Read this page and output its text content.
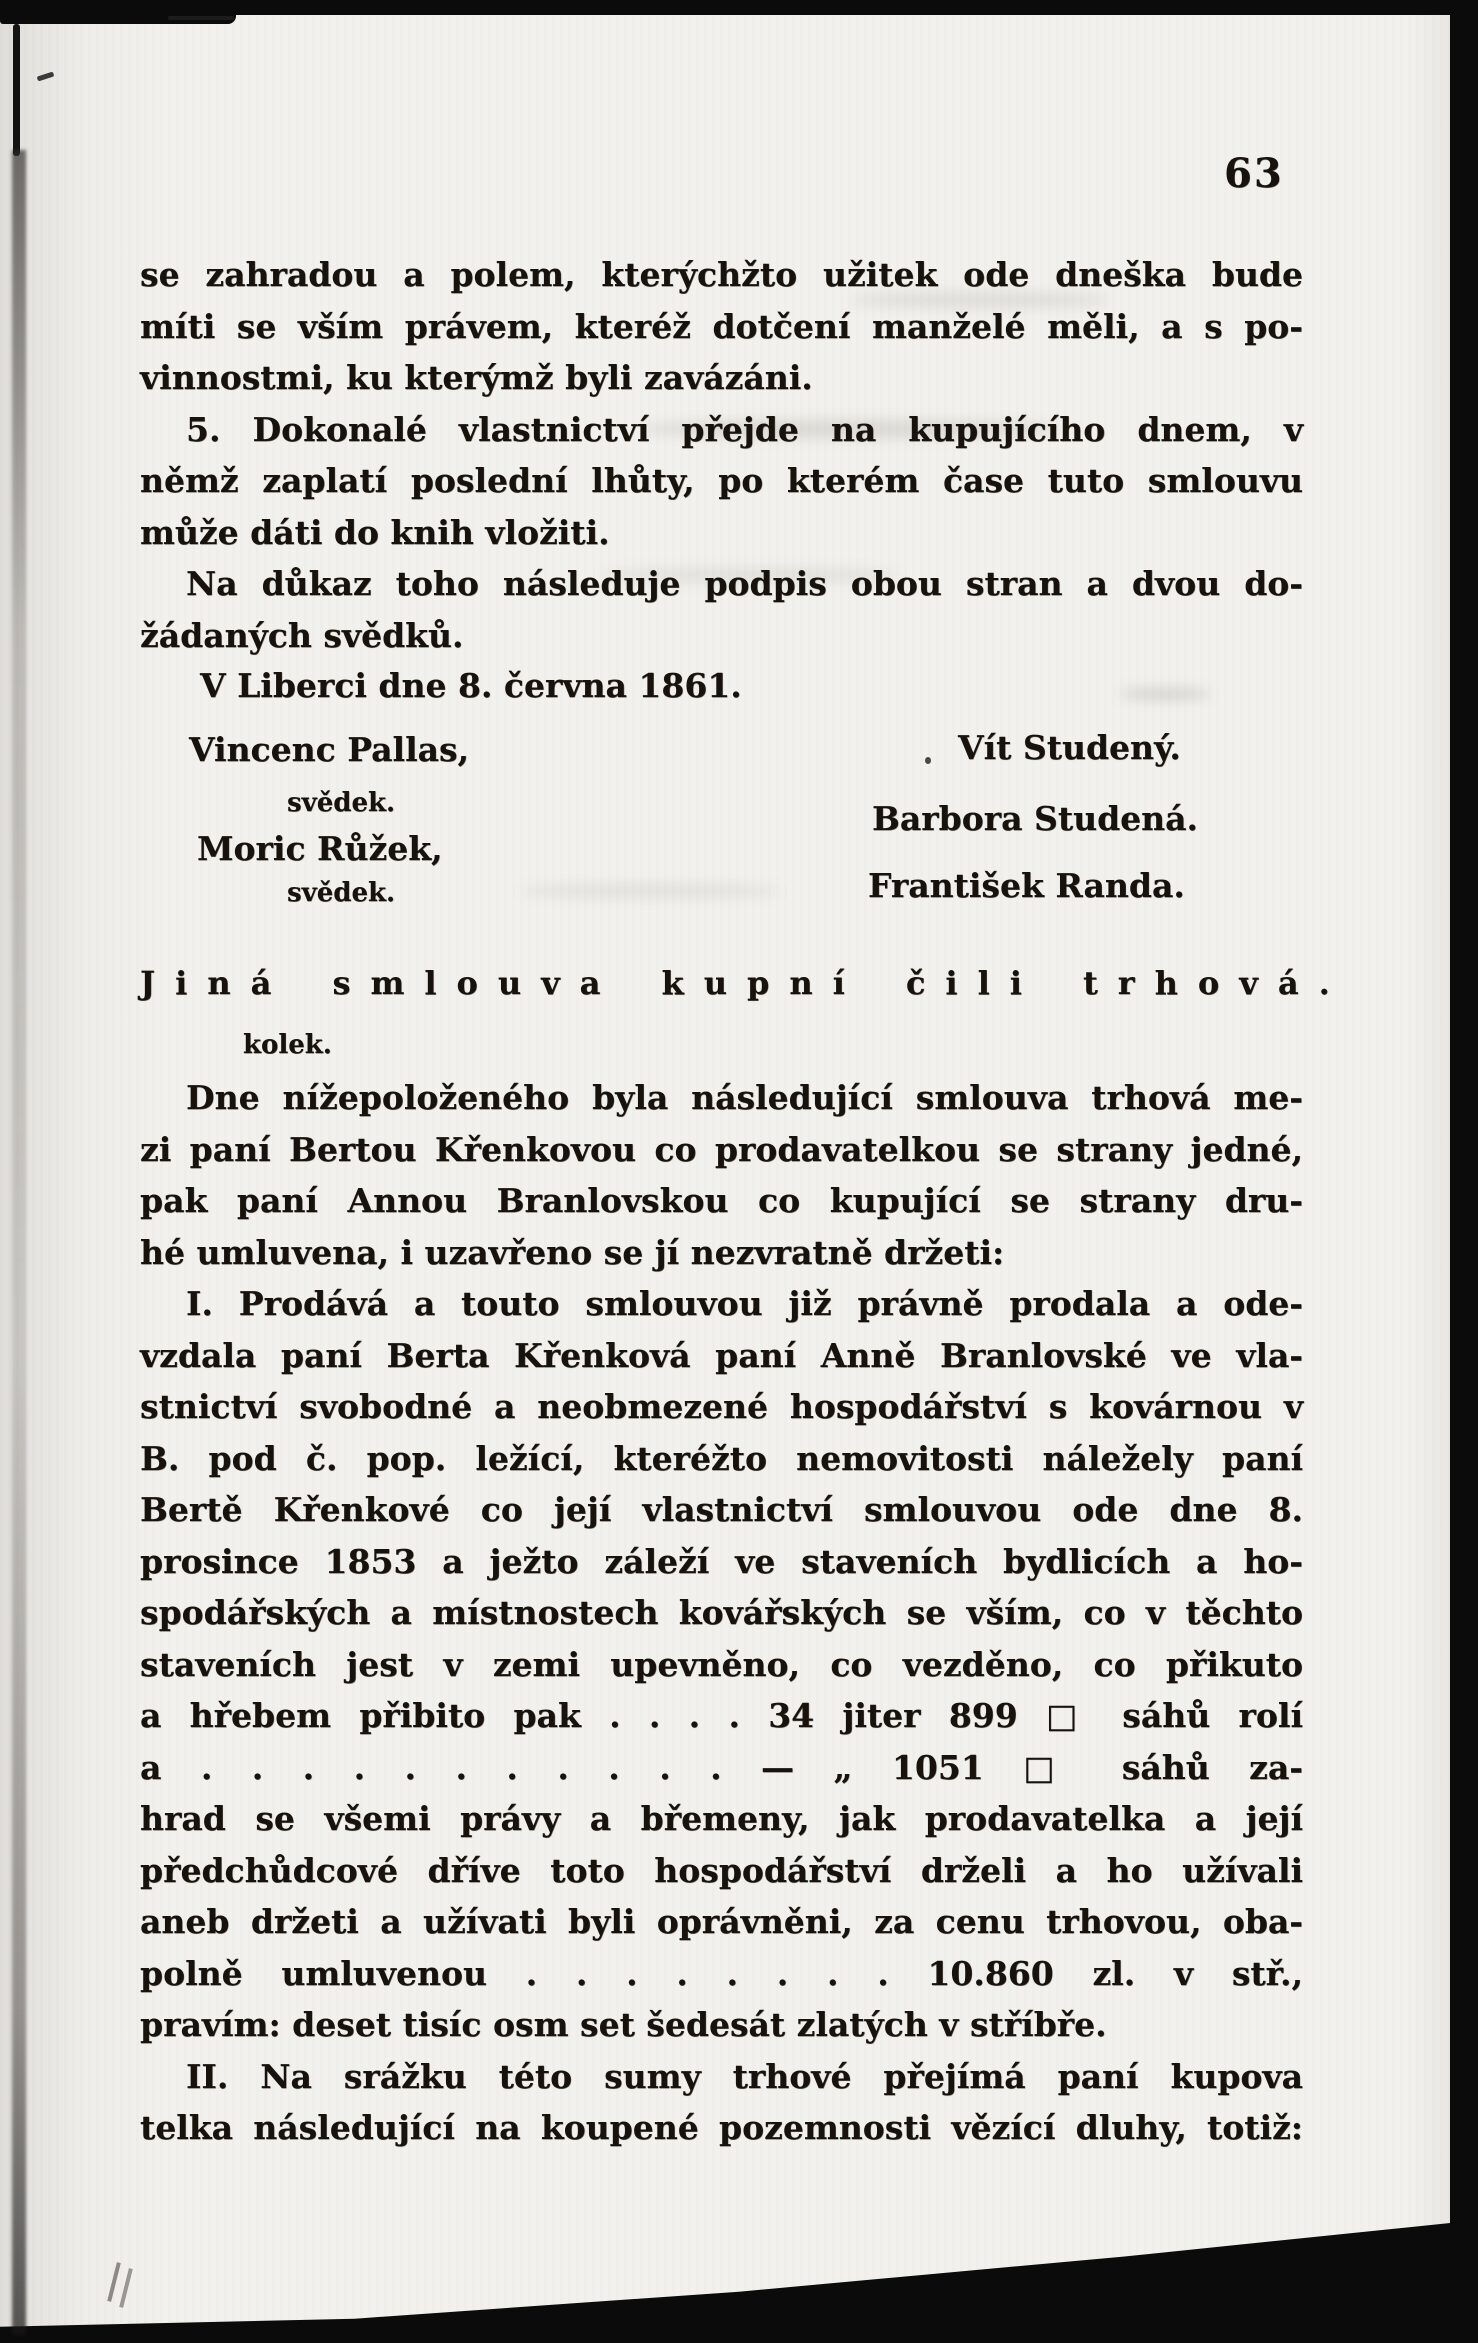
63
se zahradou a polem, kterýchžto užitek ode dneška bude
míti se vším právem, kteréž dotčení manželé měli, a s po-
vinnostmi, ku kterýmž byli zavázáni.
5. Dokonalé vlastnictví přejde na kupujícího dnem, v
němž zaplatí poslední lhůty, po kterém čase tuto smlouvu
může dáti do knih vložiti.
Na důkaz toho následuje podpis obou stran a dvou do-
žádaných svědků.
V Liberci dne 8. června 1861.
Vincenc Pallas,
svědek.
Moric Růžek,
svědek.
Vít Studený.
Barbora Studená.
František Randa.
Jiná smlouva kupní čili trhová.
kolek.
Dne nížepoloženého byla následující smlouva trhová me-
zi paní Bertou Křenkovou co prodavatelkou se strany jedné,
pak paní Annou Branlovskou co kupující se strany dru-
hé umluvena, i uzavřeno se jí nezvratně držeti:
I. Prodává a touto smlouvou již právně prodala a ode-
vzdala paní Berta Křenková paní Anně Branlovské ve vla-
stnictví svobodné a neobmezené hospodářství s kovárnou v
B. pod č. pop. ležící, kteréžto nemovitosti náležely paní
Bertě Křenkové co její vlastnictví smlouvou ode dne 8.
prosince 1853 a ježto záleží ve staveních bydlicích a ho-
spodářských a místnostech kovářských se vším, co v těchto
staveních jest v zemi upevněno, co vezděno, co přikuto
a hřebem přibito pak . . . . 34 jiter 899 □ sáhů rolí
a . . . . . . . . . . . — „ 1051 □ sáhů za-
hrad se všemi právy a břemeny, jak prodavatelka a její
předchůdcové dříve toto hospodářství drželi a ho užívali
aneb držeti a užívati byli oprávněni, za cenu trhovou, oba-
polně umluvenou . . . . . . . . 10.860 zl. v stř.,
pravím: deset tisíc osm set šedesát zlatých v stříbře.
II. Na srážku této sumy trhové přejímá paní kupova
telka následující na koupené pozemnosti vězící dluhy, totiž:
